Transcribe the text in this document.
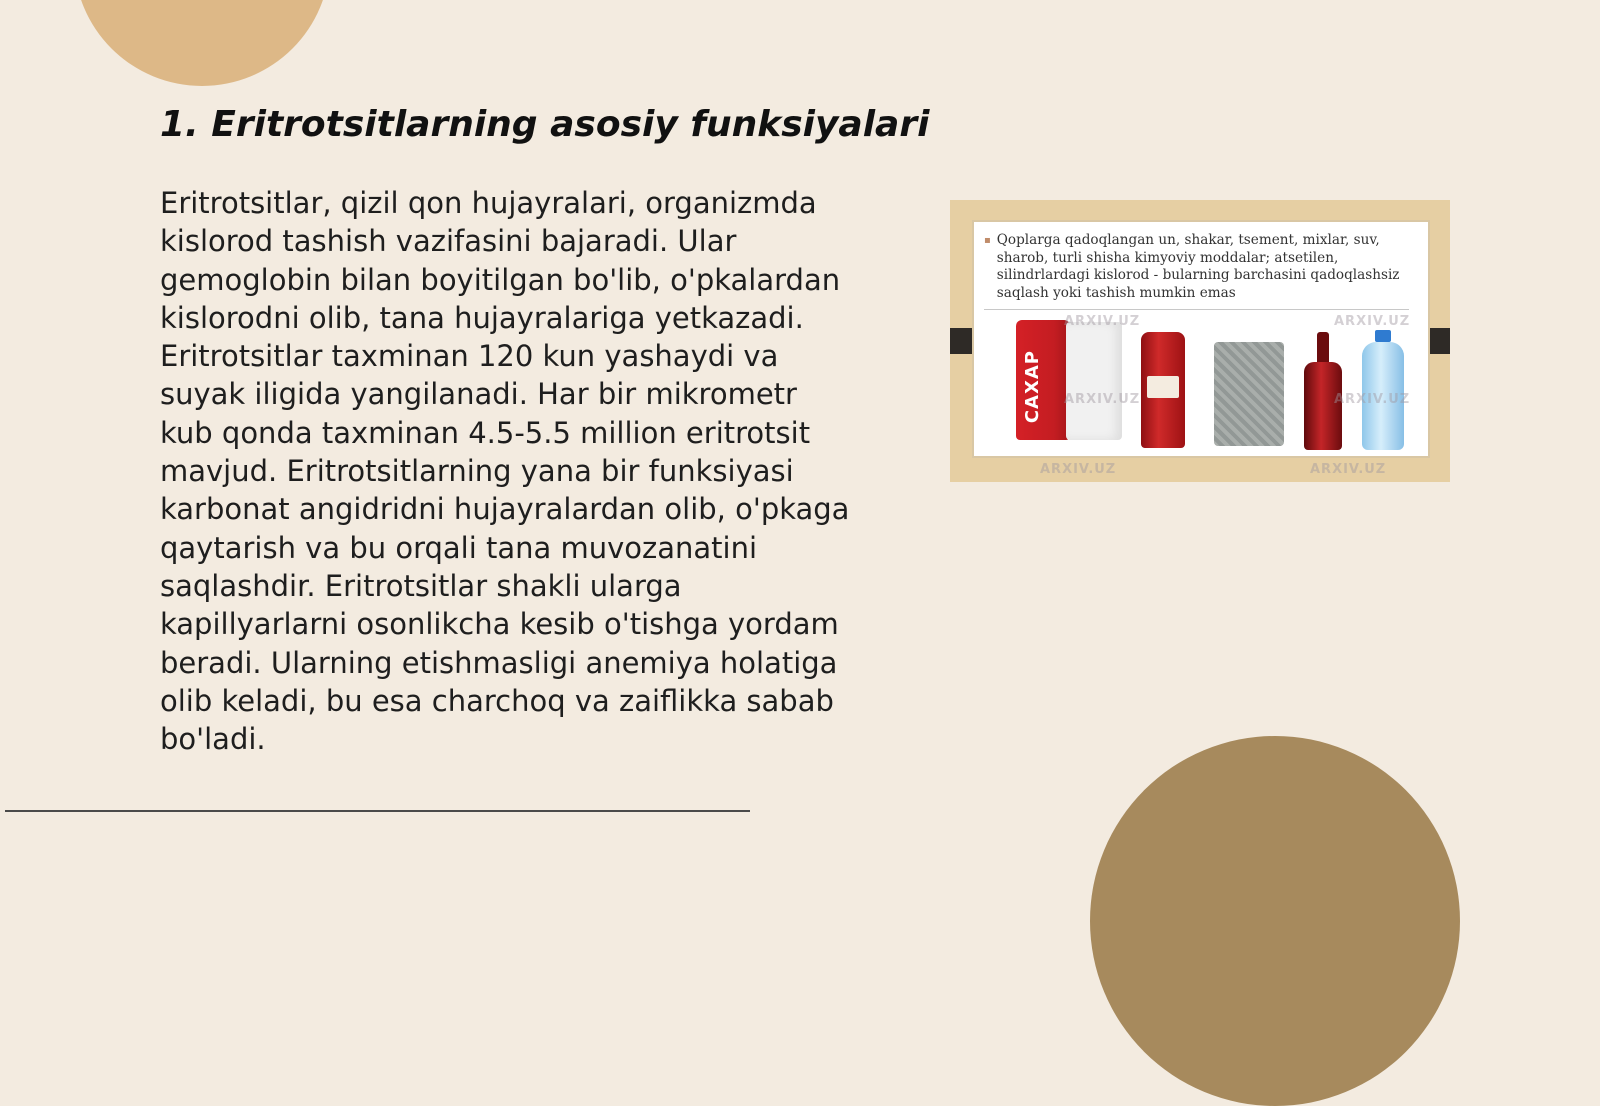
1. Eritrotsitlarning asosiy funksiyalari

Eritrotsitlar, qizil qon hujayralari, organizmda kislorod tashish vazifasini bajaradi. Ular gemoglobin bilan boyitilgan bo'lib, o'pkalardan kislorodni olib, tana hujayralariga yetkazadi. Eritrotsitlar taxminan 120 kun yashaydi va suyak iligida yangilanadi. Har bir mikrometr kub qonda taxminan 4.5-5.5 million eritrotsit mavjud. Eritrotsitlarning yana bir funksiyasi karbonat angidridni hujayralardan olib, o'pkaga qaytarish va bu orqali tana muvozanatini saqlashdir. Eritrotsitlar shakli ularga kapillyarlarni osonlikcha kesib o'tishga yordam beradi. Ularning etishmasligi anemiya holatiga olib keladi, bu esa charchoq va zaiflikka sabab bo'ladi.

▪ Qoplarga qadoqlangan un, shakar, tsement, mixlar, suv, sharob, turli shisha kimyoviy moddalar; atsetilen, silindrlardagi kislorod - bularning barchasini qadoqlashsiz saqlash yoki tashish mumkin emas

CAXAP
ARXIV.UZ	ARXIV.UZ
ARXIV.UZ	ARXIV.UZ
ARXIV.UZ	ARXIV.UZ
